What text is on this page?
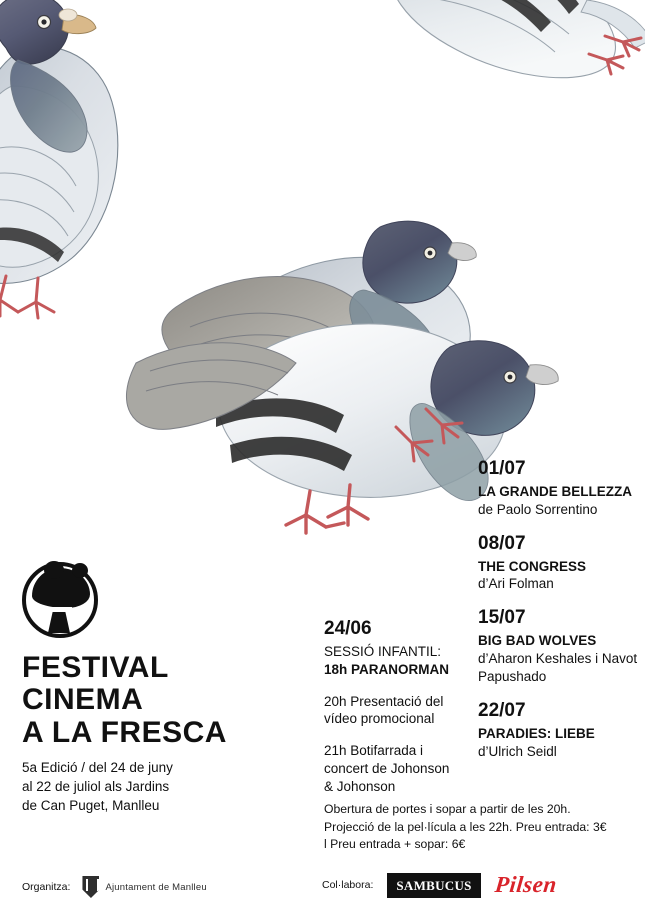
FESTIVAL
CINEMA
A LA FRESCA
5a Edició / del 24 de juny
al 22 de juliol als Jardins
de Can Puget, Manlleu
24/06

SESSIÓ INFANTIL:

18h PARANORMAN

20h Presentació del

vídeo promocional

21h Botifarrada i

concert de Johonson

& Johonson

01/07

LA GRANDE BELLEZZA de Paolo Sorrentino

08/07

THE CONGRESS

d’Ari Folman

15/07

BIG BAD WOLVES

d’Aharon Keshales i Navot Papushado

22/07

PARADIES: LIEBE

d’Ulrich Seidl

Obertura de portes i sopar a partir de les 20h.

Projecció de la pel·lícula a les 22h. Preu entrada: 3€

l Preu entrada + sopar: 6€

Organitza:	Ajuntament de Manlleu	Col·labora:	SAMBUCUS Pilsen
